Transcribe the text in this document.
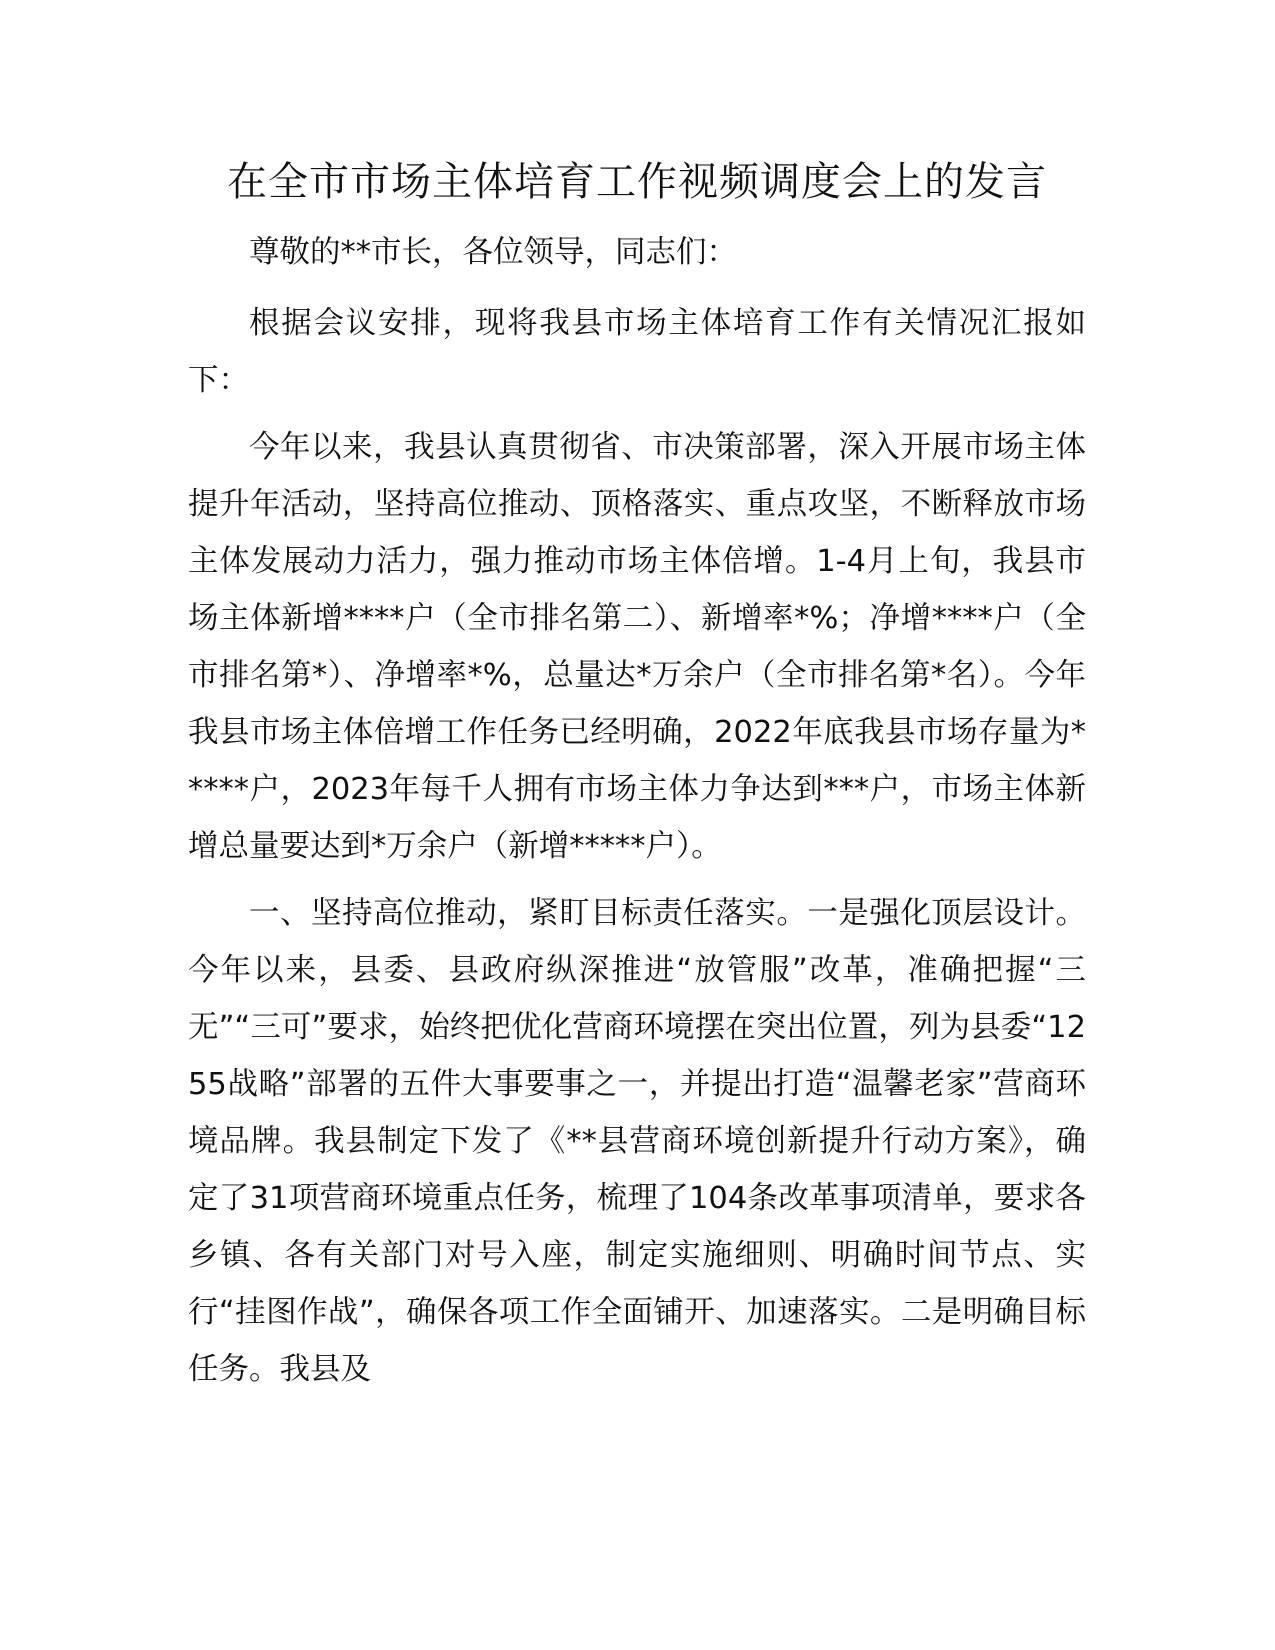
在全市市场主体培育工作视频调度会上的发言

尊敬的**市长，各位领导，同志们：

根据会议安排，现将我县市场主体培育工作有关情况汇报如下：

今年以来，我县认真贯彻省、市决策部署，深入开展市场主体提升年活动，坚持高位推动、顶格落实、重点攻坚，不断释放市场主体发展动力活力，强力推动市场主体倍增。1-4月上旬，我县市场主体新增****户（全市排名第二）、新增率*%；净增****户（全市排名第*）、净增率*%，总量达*万余户（全市排名第*名）。今年我县市场主体倍增工作任务已经明确，2022年底我县市场存量为*****户，2023年每千人拥有市场主体力争达到***户，市场主体新增总量要达到*万余户（新增*****户）。

一、坚持高位推动，紧盯目标责任落实。一是强化顶层设计。今年以来，县委、县政府纵深推进“放管服”改革，准确把握“三无”“三可”要求，始终把优化营商环境摆在突出位置，列为县委“1255战略”部署的五件大事要事之一，并提出打造“温馨老家”营商环境品牌。我县制定下发了《**县营商环境创新提升行动方案》，确定了31项营商环境重点任务，梳理了104条改革事项清单，要求各乡镇、各有关部门对号入座，制定实施细则、明确时间节点、实行“挂图作战”，确保各项工作全面铺开、加速落实。二是明确目标任务。我县及
